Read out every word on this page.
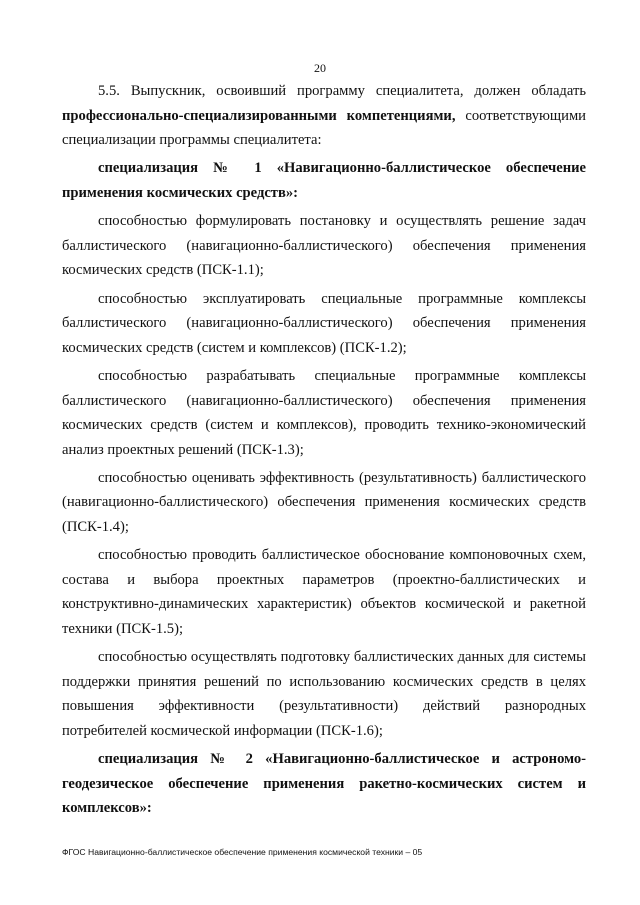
20

5.5. Выпускник, освоивший программу специалитета, должен обладать профессионально-специализированными компетенциями, соответствующими специализации программы специалитета:

специализация № 1 «Навигационно-баллистическое обеспечение применения космических средств»:

способностью формулировать постановку и осуществлять решение задач баллистического (навигационно-баллистического) обеспечения применения космических средств (ПСК-1.1);

способностью эксплуатировать специальные программные комплексы баллистического (навигационно-баллистического) обеспечения применения космических средств (систем и комплексов) (ПСК-1.2);

способностью разрабатывать специальные программные комплексы баллистического (навигационно-баллистического) обеспечения применения космических средств (систем и комплексов), проводить технико-экономический анализ проектных решений (ПСК-1.3);

способностью оценивать эффективность (результативность) баллистического (навигационно-баллистического) обеспечения применения космических средств (ПСК-1.4);

способностью проводить баллистическое обоснование компоновочных схем, состава и выбора проектных параметров (проектно-баллистических и конструктивно-динамических характеристик) объектов космической и ракетной техники (ПСК-1.5);

способностью осуществлять подготовку баллистических данных для системы поддержки принятия решений по использованию космических средств в целях повышения эффективности (результативности) действий разнородных потребителей космической информации (ПСК-1.6);

специализация № 2 «Навигационно-баллистическое и астрономо-геодезическое обеспечение применения ракетно-космических систем и комплексов»:

ФГОС Навигационно-баллистическое обеспечение применения космической техники – 05
